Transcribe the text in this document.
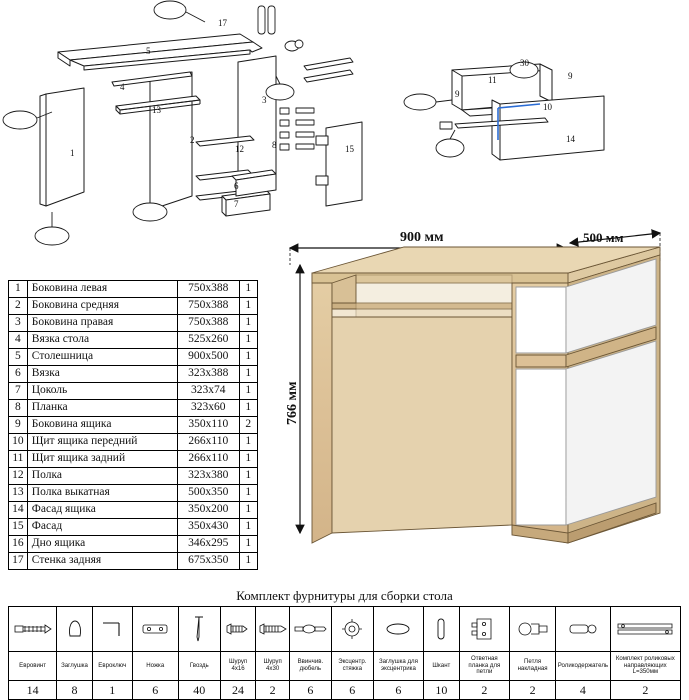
17
5
4
13
2
1
3
12
6
7
8	15
11	9
9
10
14
30
1	Боковина левая	750x388	1
2	Боковина средняя	750x388	1
3	Боковина правая	750x388	1
4	Вязка стола	525x260	1
5	Столешница	900x500	1
6	Вязка	323x388	1
7	Цоколь	323x74	1
8	Планка	323x60	1
9	Боковина ящика	350x110	2
10	Щит ящика передний	266x110	1
11	Щит ящика задний	266x110	1
12	Полка	323x380	1
13	Полка выкатная	500x350	1
14	Фасад ящика	350x200	1
15	Фасад	350x430	1
16	Дно ящика	346x295	1
17	Стенка задняя	675x350	1
900 мм	500 мм
766 мм
Комплект фурнитуры для сборки стола

Евровинт	Заглушка	Евроключ	Ножка	Гвоздь	Шуруп 4х16	Шуруп 4х30	Ввинчив. дюбель	Эксцентр. стяжка	Заглушка для эксцентрика	Шкант	Ответная планка для петли	Петля накладная	Роликодержатель	Комплект роликовых направляющих L=350мм
14	8	1	6	40	24	2	6	6	6	10	2	2	4	2
